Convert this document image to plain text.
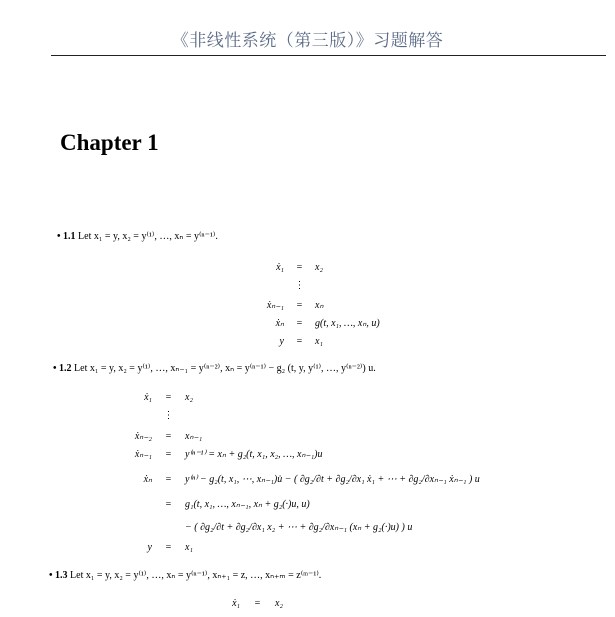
《非线性系统（第三版）》习题解答
Chapter 1
• 1.1 Let x₁ = y, x₂ = y⁽¹⁾, …, xₙ = y⁽ⁿ⁻¹⁾.
ẋ₁ = x₂
⋮
ẋₙ₋₁ = xₙ
ẋₙ = g(t, x₁, …, xₙ, u)
y = x₁
• 1.2 Let x₁ = y, x₂ = y⁽¹⁾, …, xₙ₋₁ = y⁽ⁿ⁻²⁾, xₙ = y⁽ⁿ⁻¹⁾ − g₂ (t, y, y⁽¹⁾, …, y⁽ⁿ⁻²⁾) u.
ẋ₁ = x₂
⋮
ẋₙ₋₂ = xₙ₋₁
ẋₙ₋₁ = y⁽ⁿ⁻¹⁾ = xₙ + g₂(t, x₁, x₂, …, xₙ₋₁)u
ẋₙ = y⁽ⁿ⁾ − g₂(t, x₁, ⋯, xₙ₋₁)u̇ − ( ∂g₂/∂t + ∂g₂/∂x₁ ẋ₁ + ⋯ + ∂g₂/∂xₙ₋₁ ẋₙ₋₁ ) u
= g₁(t, x₁, …, xₙ₋₁, xₙ + g₂(·)u, u)
− ( ∂g₂/∂t + ∂g₂/∂x₁ x₂ + ⋯ + ∂g₂/∂xₙ₋₁ (xₙ + g₂(·)u) ) u
y = x₁
• 1.3 Let x₁ = y, x₂ = y⁽¹⁾, …, xₙ = y⁽ⁿ⁻¹⁾, xₙ₊₁ = z, …, xₙ₊ₘ = z⁽ᵐ⁻¹⁾.
ẋ₁ = x₂
